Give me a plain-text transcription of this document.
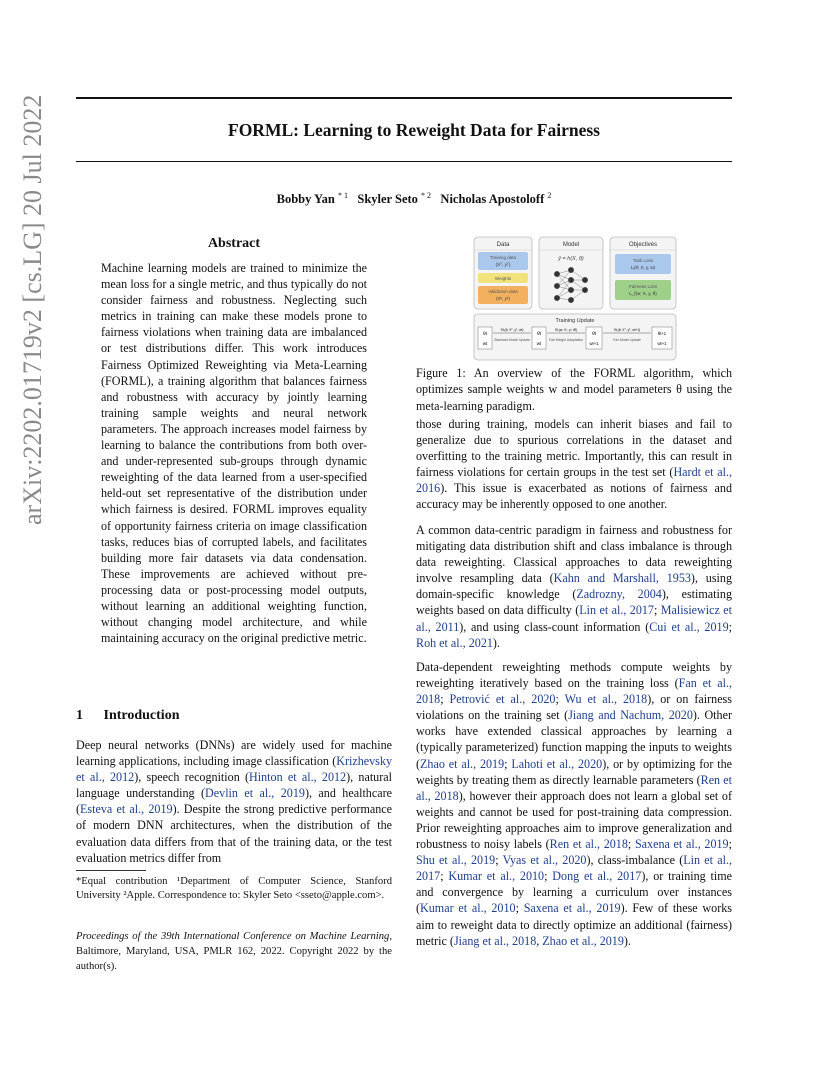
arXiv:2202.01719v2 [cs.LG] 20 Jul 2022	FORML: Learning to Reweight Data for Fairness
Bobby Yan $^{* 1}$ Skyler Seto $^{* 2}$ Nicholas Apostoloff $^2$
Abstract
Machine learning models are trained to minimize the mean loss for a single metric, and thus typically do not consider fairness and robustness. Neglecting such metrics in training can make these models prone to fairness violations when training data are imbalanced or test distributions differ. This work introduces Fairness Optimized Reweighting via Meta-Learning (FORML), a training algorithm that balances fairness and robustness with accuracy by jointly learning training sample weights and neural network parameters. The approach increases model fairness by learning to balance the contributions from both over- and under-represented sub-groups through dynamic reweighting of the data learned from a user-specified held-out set representative of the distribution under which fairness is desired. FORML improves equality of opportunity fairness criteria on image classification tasks, reduces bias of corrupted labels, and facilitates building more fair datasets via data condensation. These improvements are achieved without pre-processing data or post-processing model outputs, without learning an additional weighting function, without changing model architecture, and while maintaining accuracy on the original predictive metric.
1 Introduction
Deep neural networks (DNNs) are widely used for machine learning applications, including image classification (Krizhevsky et al., 2012), speech recognition (Hinton et al., 2012), natural language understanding (Devlin et al., 2019), and healthcare (Esteva et al., 2019). Despite the strong predictive performance of modern DNN architectures, when the distribution of the evaluation data differs from that of the training data, or the test evaluation metrics differ from
*Equal contribution ¹Department of Computer Science, Stanford University ²Apple. Correspondence to: Skyler Seto <sseto@apple.com>.
Proceedings of the 39th International Conference on Machine Learning, Baltimore, Maryland, USA, PMLR 162, 2022. Copyright 2022 by the author(s).
Data	Model	Objectives
Training data
(Xᵀ, yᵀ)
Weights
Validation data
(Xᵛ, yᵛ)
ŷ = h(X, θ)	Task Loss
Lᵢ(θ; X, y, w)
Fairness Loss
L_f(w; X, y, θ)
Training Update
θt
wt
∇L(θ; Xᵀ, yᵀ, wt)
Standard Model Update
θ̂t
wt
∇L(w; Xᵛ, yᵛ, θ̂t)
Fair Weight Adaptation
θ̂t
wt+1
∇L(θ; Xᵀ, yᵀ, wt+1)
Fair Model Update
θt+1
wt+1
Figure 1: An overview of the FORML algorithm, which optimizes sample weights w and model parameters θ using the meta-learning paradigm.
those during training, models can inherit biases and fail to generalize due to spurious correlations in the dataset and overfitting to the training metric. Importantly, this can result in fairness violations for certain groups in the test set (Hardt et al., 2016). This issue is exacerbated as notions of fairness and accuracy may be inherently opposed to one another.
A common data-centric paradigm in fairness and robustness for mitigating data distribution shift and class imbalance is through data reweighting. Classical approaches to data reweighting involve resampling data (Kahn and Marshall, 1953), using domain-specific knowledge (Zadrozny, 2004), estimating weights based on data difficulty (Lin et al., 2017; Malisiewicz et al., 2011), and using class-count information (Cui et al., 2019; Roh et al., 2021).
Data-dependent reweighting methods compute weights by reweighting iteratively based on the training loss (Fan et al., 2018; Petrović et al., 2020; Wu et al., 2018), or on fairness violations on the training set (Jiang and Nachum, 2020). Other works have extended classical approaches by learning a (typically parameterized) function mapping the inputs to weights (Zhao et al., 2019; Lahoti et al., 2020), or by optimizing for the weights by treating them as directly learnable parameters (Ren et al., 2018), however their approach does not learn a global set of weights and cannot be used for post-training data compression. Prior reweighting approaches aim to improve generalization and robustness to noisy labels (Ren et al., 2018; Saxena et al., 2019; Shu et al., 2019; Vyas et al., 2020), class-imbalance (Lin et al., 2017; Kumar et al., 2010; Dong et al., 2017), or training time and convergence by learning a curriculum over instances (Kumar et al., 2010; Saxena et al., 2019). Few of these works aim to reweight data to directly optimize an additional (fairness) metric (Jiang et al., 2018, Zhao et al., 2019).
